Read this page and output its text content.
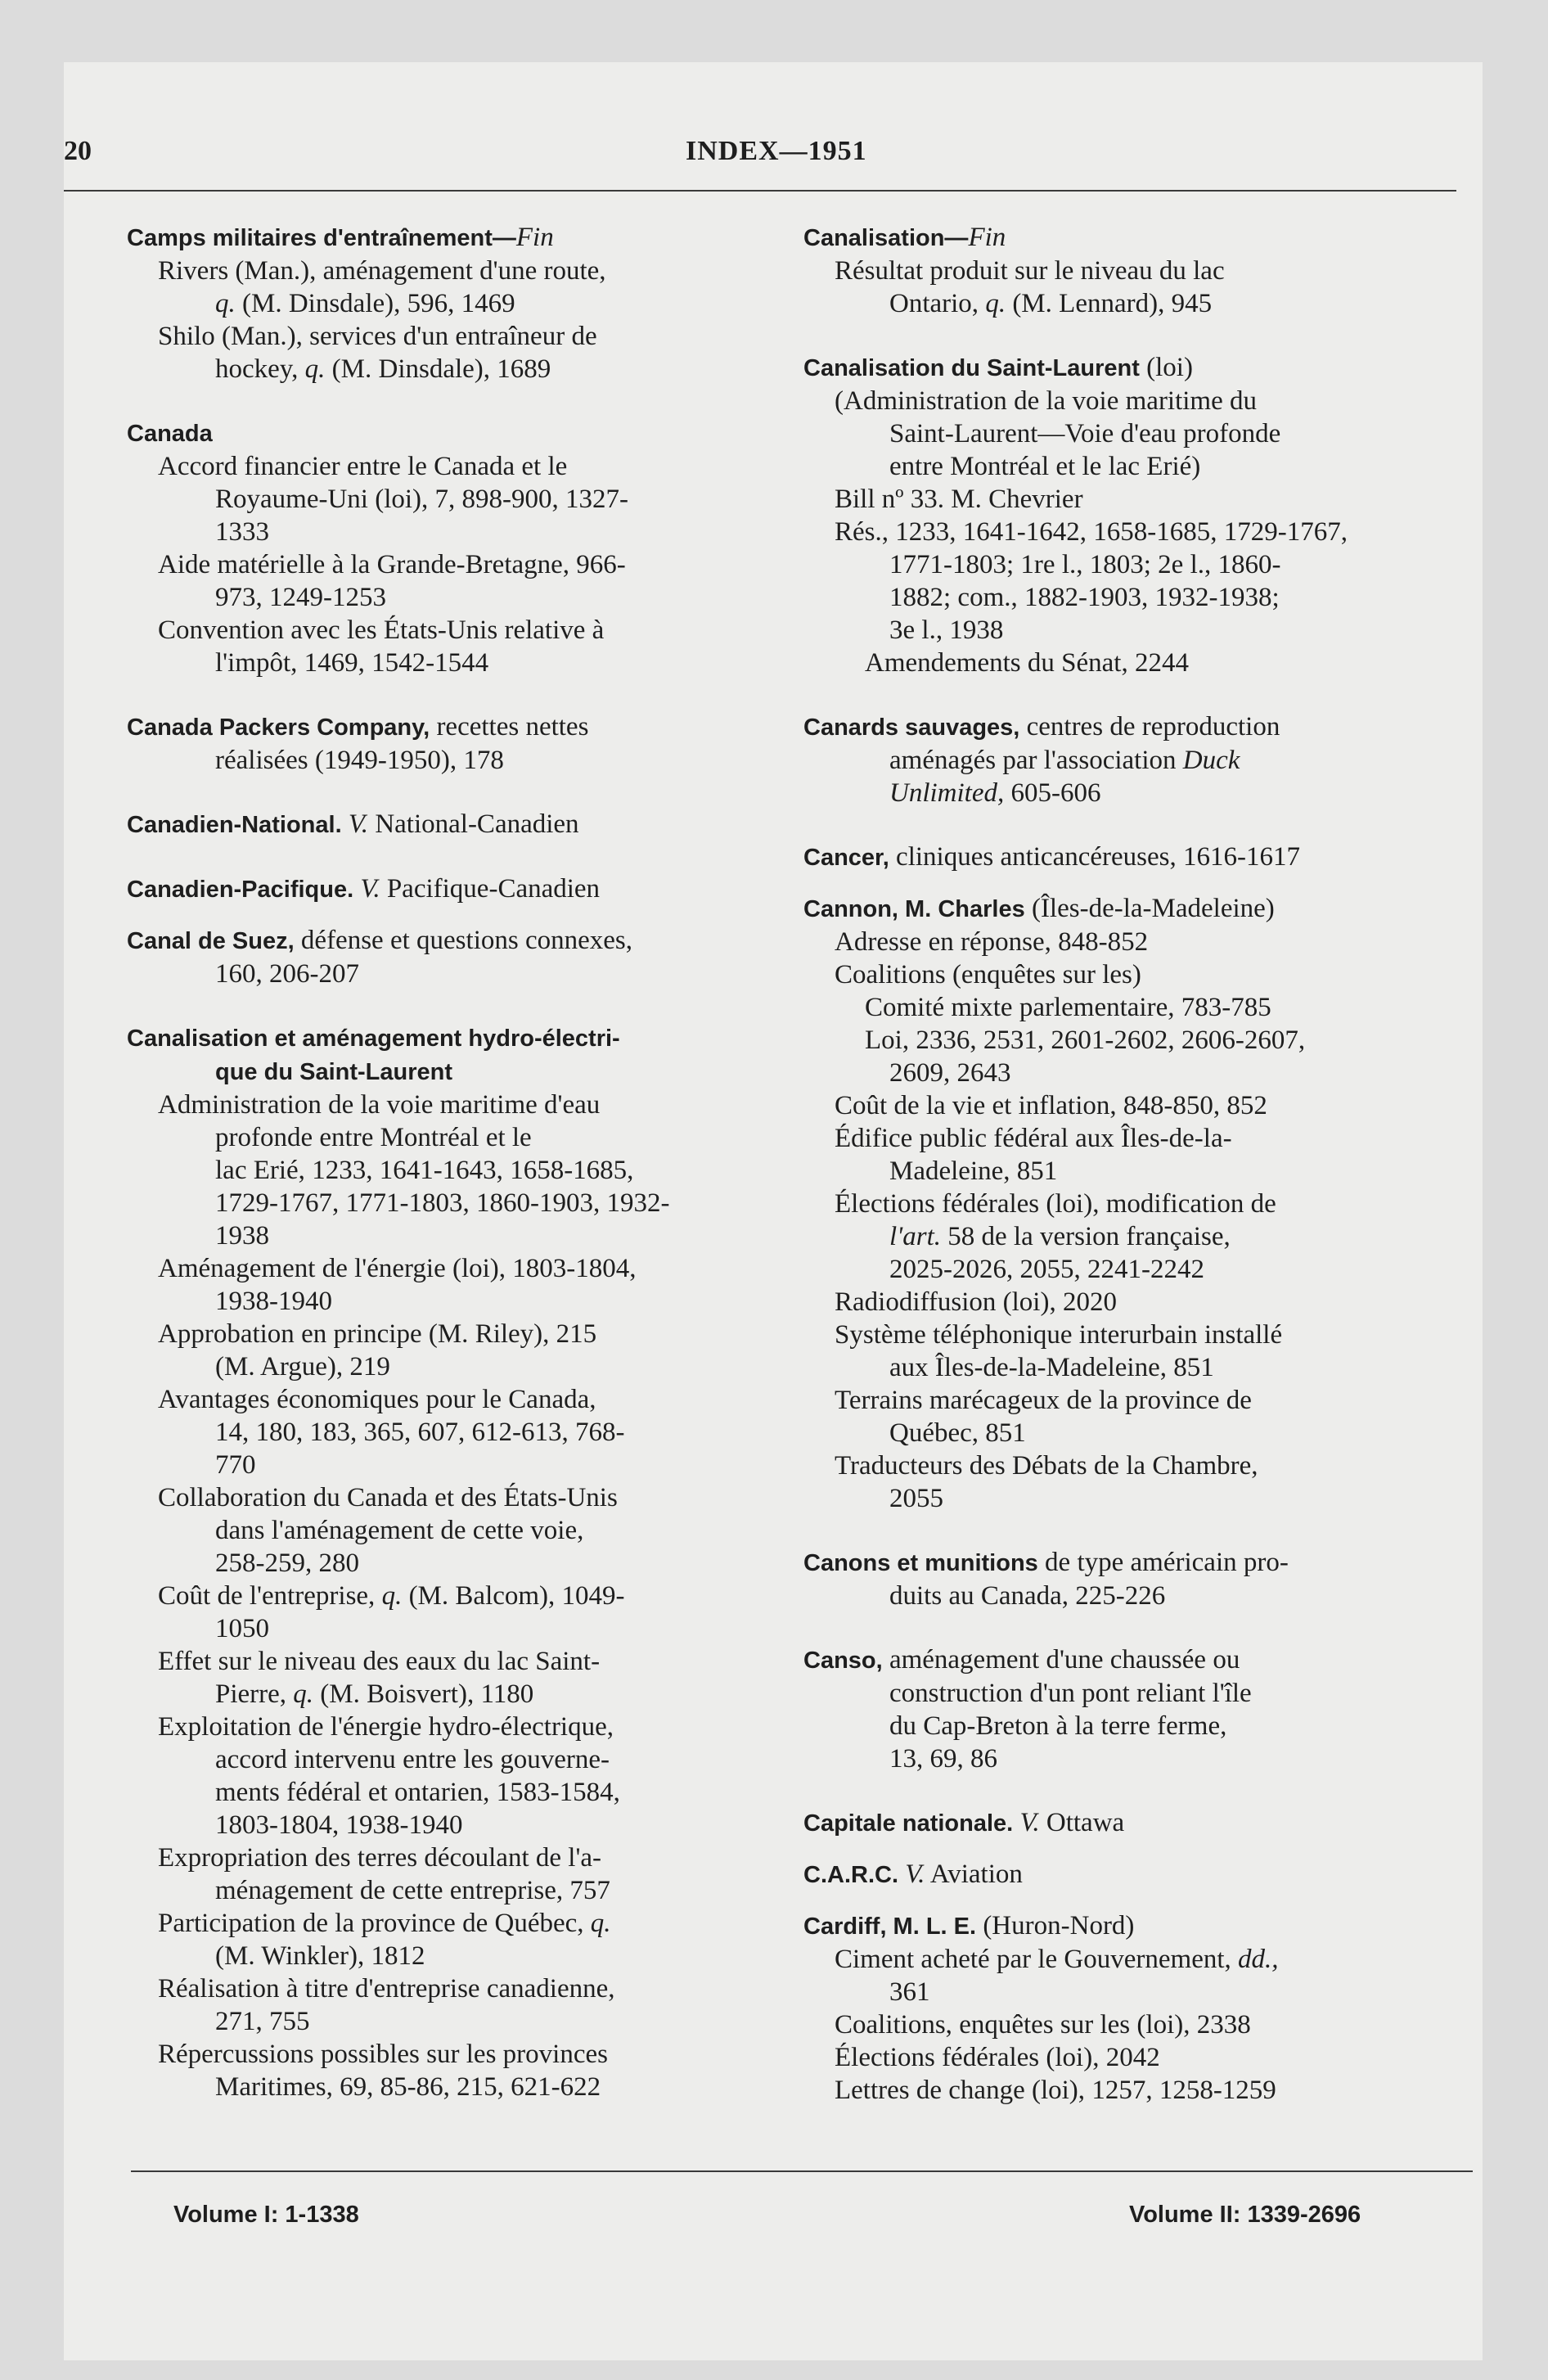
20	INDEX—1951
Camps militaires d'entraînement—Fin
Rivers (Man.), aménagement d'une route,
q. (M. Dinsdale), 596, 1469
Shilo (Man.), services d'un entraîneur de
hockey, q. (M. Dinsdale), 1689
Canada
Accord financier entre le Canada et le
Royaume-Uni (loi), 7, 898-900, 1327-
1333
Aide matérielle à la Grande-Bretagne, 966-
973, 1249-1253
Convention avec les États-Unis relative à
l'impôt, 1469, 1542-1544
Canada Packers Company, recettes nettes
réalisées (1949-1950), 178
Canadien-National. V. National-Canadien
Canadien-Pacifique. V. Pacifique-Canadien
Canal de Suez, défense et questions connexes,
160, 206-207
Canalisation et aménagement hydro-électri-
que du Saint-Laurent
Administration de la voie maritime d'eau
profonde entre Montréal et le
lac Erié, 1233, 1641-1643, 1658-1685,
1729-1767, 1771-1803, 1860-1903, 1932-
1938
Aménagement de l'énergie (loi), 1803-1804,
1938-1940
Approbation en principe (M. Riley), 215
(M. Argue), 219
Avantages économiques pour le Canada,
14, 180, 183, 365, 607, 612-613, 768-
770
Collaboration du Canada et des États-Unis
dans l'aménagement de cette voie,
258-259, 280
Coût de l'entreprise, q. (M. Balcom), 1049-
1050
Effet sur le niveau des eaux du lac Saint-
Pierre, q. (M. Boisvert), 1180
Exploitation de l'énergie hydro-électrique,
accord intervenu entre les gouverne-
ments fédéral et ontarien, 1583-1584,
1803-1804, 1938-1940
Expropriation des terres découlant de l'a-
ménagement de cette entreprise, 757
Participation de la province de Québec, q.
(M. Winkler), 1812
Réalisation à titre d'entreprise canadienne,
271, 755
Répercussions possibles sur les provinces
Maritimes, 69, 85-86, 215, 621-622
Canalisation—Fin
Résultat produit sur le niveau du lac
Ontario, q. (M. Lennard), 945
Canalisation du Saint-Laurent (loi)
(Administration de la voie maritime du
Saint-Laurent—Voie d'eau profonde
entre Montréal et le lac Erié)
Bill nº 33. M. Chevrier
Rés., 1233, 1641-1642, 1658-1685, 1729-1767,
1771-1803; 1re l., 1803; 2e l., 1860-
1882; com., 1882-1903, 1932-1938;
3e l., 1938
Amendements du Sénat, 2244
Canards sauvages, centres de reproduction
aménagés par l'association Duck
Unlimited, 605-606
Cancer, cliniques anticancéreuses, 1616-1617
Cannon, M. Charles (Îles-de-la-Madeleine)
Adresse en réponse, 848-852
Coalitions (enquêtes sur les)
Comité mixte parlementaire, 783-785
Loi, 2336, 2531, 2601-2602, 2606-2607,
2609, 2643
Coût de la vie et inflation, 848-850, 852
Édifice public fédéral aux Îles-de-la-
Madeleine, 851
Élections fédérales (loi), modification de
l'art. 58 de la version française,
2025-2026, 2055, 2241-2242
Radiodiffusion (loi), 2020
Système téléphonique interurbain installé
aux Îles-de-la-Madeleine, 851
Terrains marécageux de la province de
Québec, 851
Traducteurs des Débats de la Chambre,
2055
Canons et munitions de type américain pro-
duits au Canada, 225-226
Canso, aménagement d'une chaussée ou
construction d'un pont reliant l'île
du Cap-Breton à la terre ferme,
13, 69, 86
Capitale nationale. V. Ottawa
C.A.R.C. V. Aviation
Cardiff, M. L. E. (Huron-Nord)
Ciment acheté par le Gouvernement, dd.,
361
Coalitions, enquêtes sur les (loi), 2338
Élections fédérales (loi), 2042
Lettres de change (loi), 1257, 1258-1259
Volume I: 1-1338	Volume II: 1339-2696
